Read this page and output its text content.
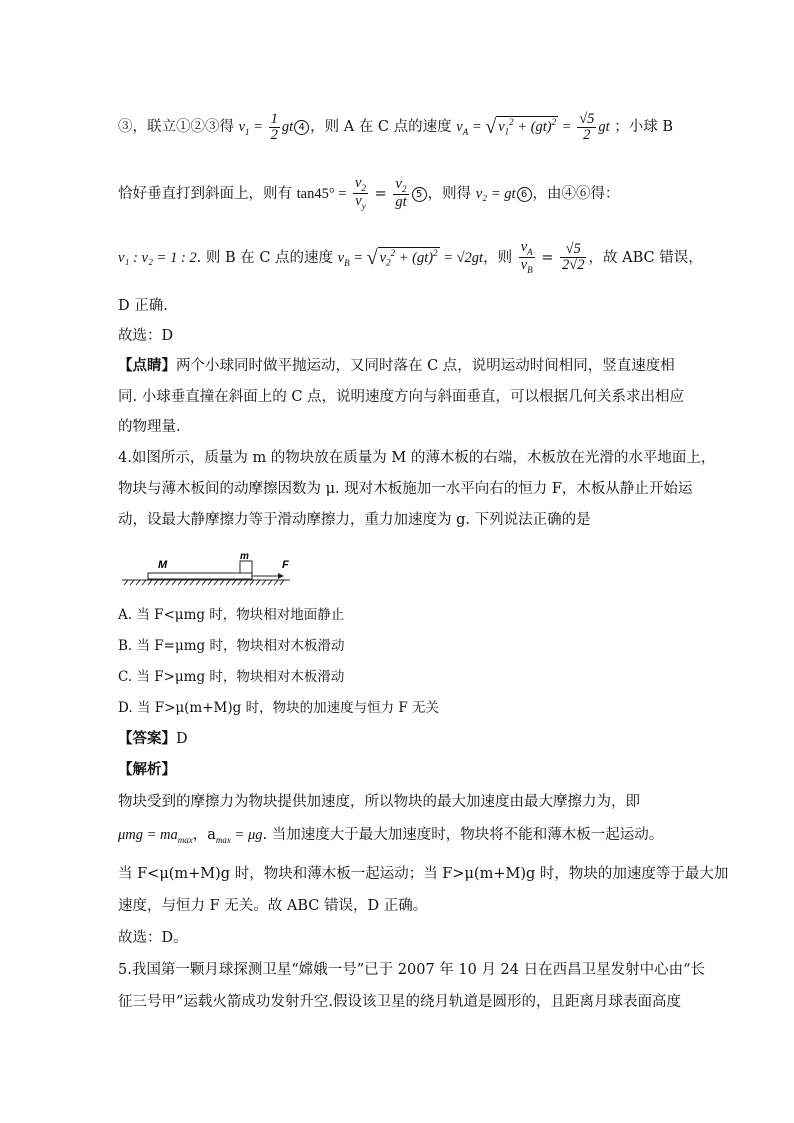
③，联立①②③得 $v_1 = \frac{1}{2}$ gt 4 ，则 A 在 C 点的速度 $v_A$ = √ $v_1^2 + (gt)^2 = \frac{√5}{2}$ gt ；小球 B
恰好垂直打到斜面上，则有 $\tan 45^\circ = \frac{v_2}{v_y} = \frac{v_2}{gt} 5$ ，则得 v₂ = gt 6 ，由④⑥得：
v₁ : v₂ = 1 : 2. 则 B 在 C 点的速度 $v_B$ = √ $v_2^2 + (gt)^2 = √2gt$，则 $\frac{v_A}{v_B} = \frac{√5}{2√2}$ ，故 ABC 错误，
D 正确.
故选：D
【点睛】两个小球同时做平抛运动，又同时落在 C 点，说明运动时间相同，竖直速度相
同. 小球垂直撞在斜面上的 C 点，说明速度方向与斜面垂直，可以根据几何关系求出相应
的物理量.
4.如图所示，质量为 m 的物块放在质量为 M 的薄木板的右端，木板放在光滑的水平地面上，
物块与薄木板间的动摩擦因数为 μ. 现对木板施加一水平向右的恒力 F，木板从静止开始运
动，设最大静摩擦力等于滑动摩擦力，重力加速度为 g. 下列说法正确的是
M
m
F
A. 当 F<μmg 时，物块相对地面静止
B. 当 F=μmg 时，物块相对木板滑动
C. 当 F>μmg 时，物块相对木板滑动
D. 当 F>μ(m+M)g 时，物块的加速度与恒力 F 无关
【答案】D
【解析】
物块受到的摩擦力为物块提供加速度，所以物块的最大加速度由最大摩擦力为，即
$\mu mg = ma_{max}$，$a_{max} = \mu g$. 当加速度大于最大加速度时，物块将不能和薄木板一起运动。
当 F<μ(m+M)g 时，物块和薄木板一起运动；当 F>μ(m+M)g 时，物块的加速度等于最大加
速度，与恒力 F 无关。故 ABC 错误，D 正确。
故选：D。
5.我国第一颗月球探测卫星“嫦娥一号”已于 2007 年 10 月 24 日在西昌卫星发射中心由“长
征三号甲”运载火箭成功发射升空.假设该卫星的绕月轨道是圆形的，且距离月球表面高度
